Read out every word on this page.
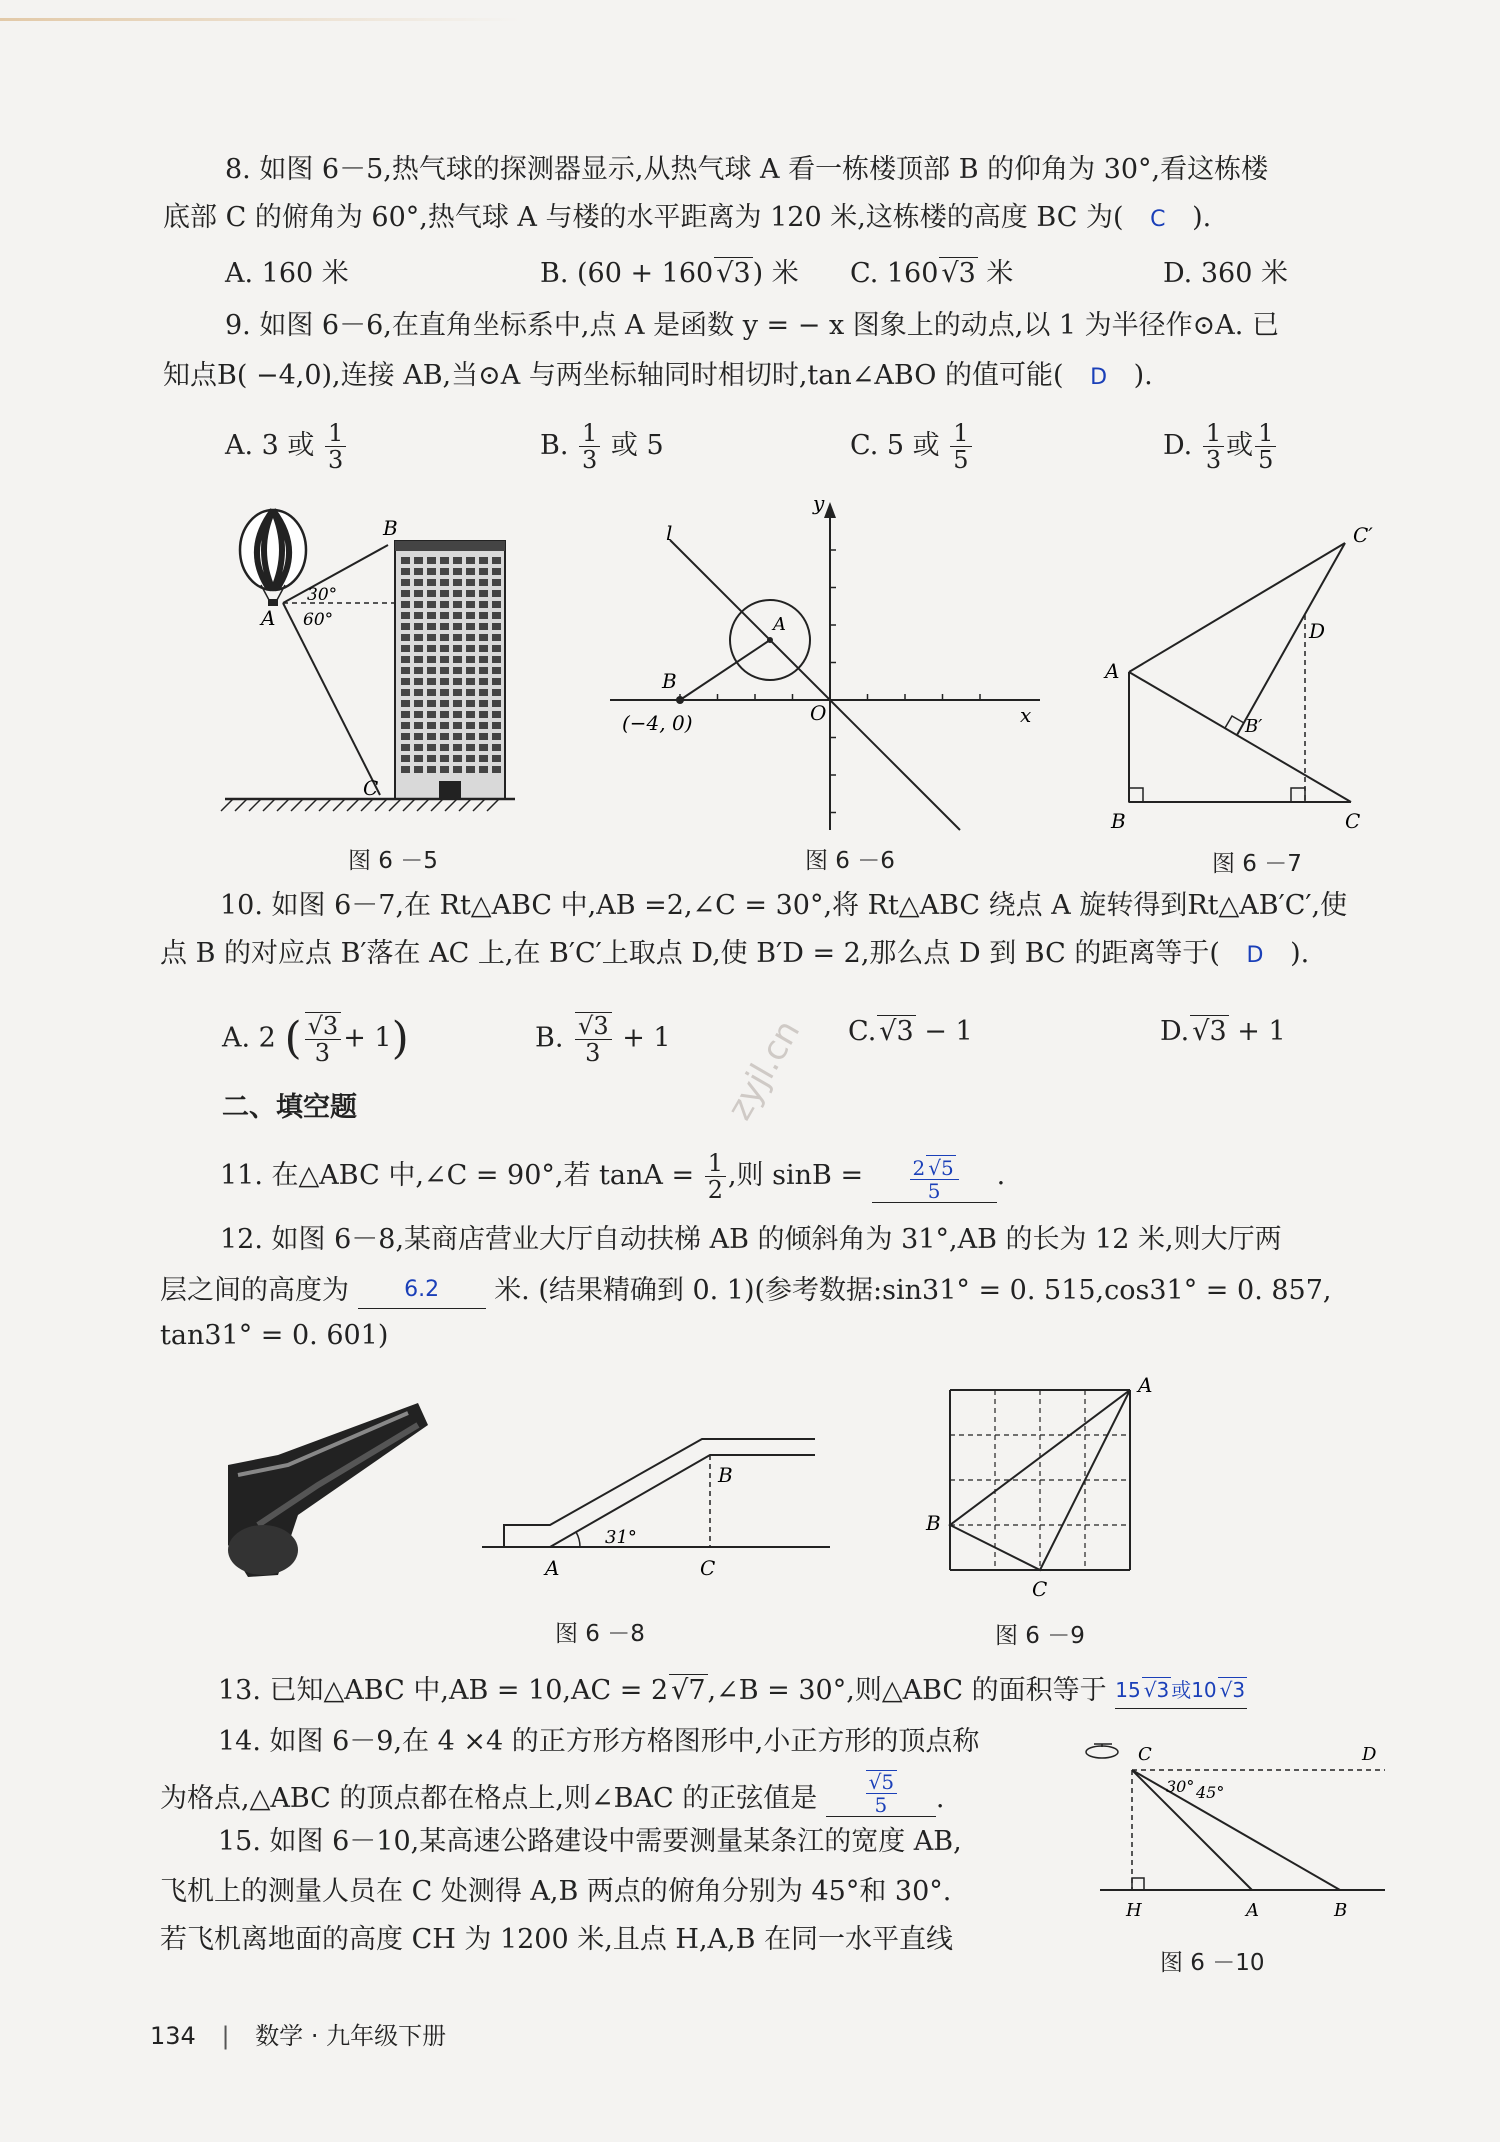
8. 如图 6－5,热气球的探测器显示,从热气球 A 看一栋楼顶部 B 的仰角为 30°,看这栋楼
底部 C 的俯角为 60°,热气球 A 与楼的水平距离为 120 米,这栋楼的高度 BC 为( C ).
A. 160 米	B. (60 + 160 √ 3) 米 C. 160 √ 3 米	D. 360 米
9. 如图 6－6,在直角坐标系中,点 A 是函数 y = − x 图象上的动点,以 1 为半径作⊙A. 已
知点B( −4,0),连接 AB,当⊙A 与两坐标轴同时相切时,tan∠ABO 的值可能( D ).
A. 3 或 $\frac{1}{3}$	B. $\frac{1}{3}$ 或 5	C. 5 或 $\frac{1}{5}$	D. $\frac{1}{3}$ 或 $\frac{1}{5}$
B
A
C
30°
60°
图 6 －5
y
x
l
A
B
O
(−4, 0)
图 6 －6
C′
D
A
B′
B	C
图 6 －7
10. 如图 6－7,在 Rt△ABC 中,AB =2,∠C = 30°,将 Rt△ABC 绕点 A 旋转得到Rt△AB′C′,使
点 B 的对应点 B′落在 AC 上,在 B′C′上取点 D,使 B′D = 2,那么点 D 到 BC 的距离等于( D ).
A. 2 ( √ $\frac{3}{3} + 1$)	B. √ $\frac{3}{3} + 1$	C. √ 3 − 1	D. √ 3 + 1
zyjl.cn
二、填空题
11. 在△ABC 中,∠C = 90°,若 $\tan A = \frac{1}{2}$ ,则 $\sin B = \frac{2 √ 5}{5}$ .
12. 如图 6－8,某商店营业大厅自动扶梯 AB 的倾斜角为 31°,AB 的长为 12 米,则大厅两
层之间的高度为	6.2 米. (结果精确到 0. 1)(参考数据:sin31° = 0. 515,cos31° = 0. 857,
tan31° = 0. 601)
31°
B
A	C
图 6 －8
A
B
C
图 6 －9
13. 已知△ABC 中,AB = 10,AC = 2 √ 7,∠B = 30°,则△ABC 的面积等于 15 √ 3 或10 √ 3
14. 如图 6－9,在 4 ×4 的正方形方格图形中,小正方形的顶点称
为格点,△ABC 的顶点都在格点上,则∠BAC 的正弦值是 √ $\frac{5}{5}$ .
15. 如图 6－10,某高速公路建设中需要测量某条江的宽度 AB,
飞机上的测量人员在 C 处测得 A,B 两点的俯角分别为 45°和 30°.
若飞机离地面的高度 CH 为 1200 米,且点 H,A,B 在同一水平直线
C	D
H	A	B
30° 45°
图 6 －10
134 | 数学 · 九年级下册
